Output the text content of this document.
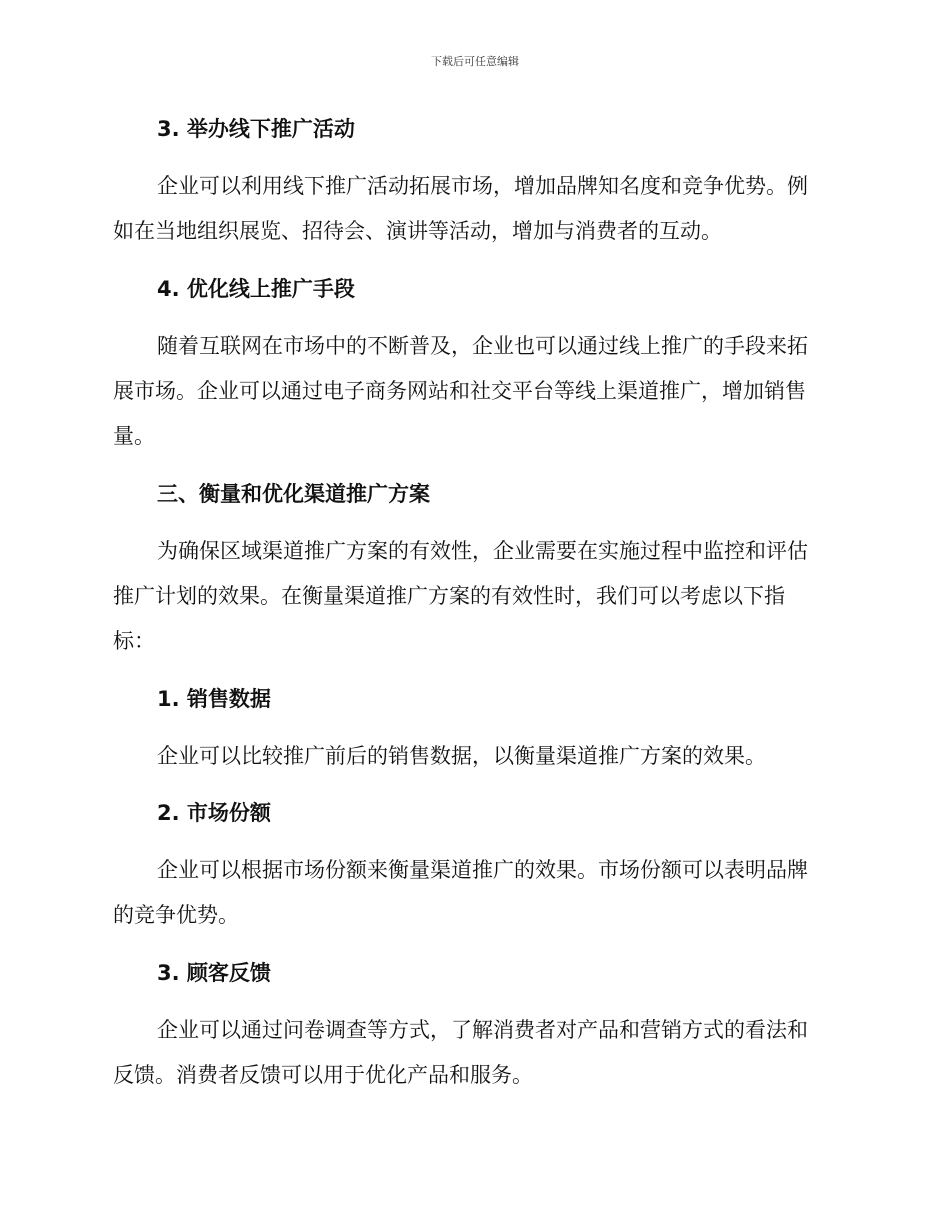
下载后可任意编辑
3. 举办线下推广活动
企业可以利用线下推广活动拓展市场，增加品牌知名度和竞争优势。例
如在当地组织展览、招待会、演讲等活动，增加与消费者的互动。
4. 优化线上推广手段
随着互联网在市场中的不断普及，企业也可以通过线上推广的手段来拓
展市场。企业可以通过电子商务网站和社交平台等线上渠道推广，增加销售
量。
三、衡量和优化渠道推广方案
为确保区域渠道推广方案的有效性，企业需要在实施过程中监控和评估
推广计划的效果。在衡量渠道推广方案的有效性时，我们可以考虑以下指
标：
1. 销售数据
企业可以比较推广前后的销售数据，以衡量渠道推广方案的效果。
2. 市场份额
企业可以根据市场份额来衡量渠道推广的效果。市场份额可以表明品牌
的竞争优势。
3. 顾客反馈
企业可以通过问卷调查等方式，了解消费者对产品和营销方式的看法和
反馈。消费者反馈可以用于优化产品和服务。
